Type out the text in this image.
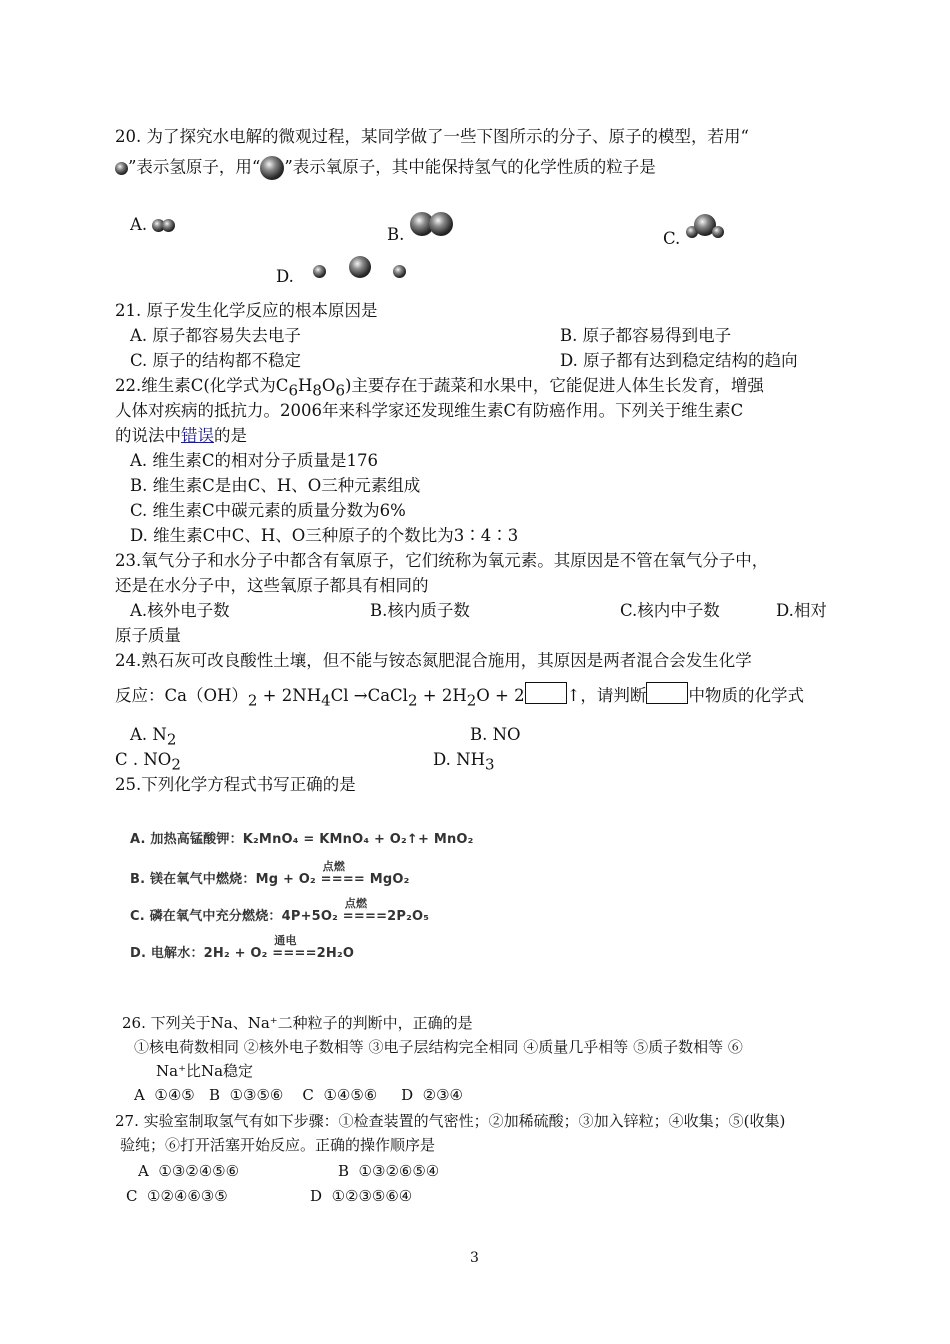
20. 为了探究水电解的微观过程，某同学做了一些下图所示的分子、原子的模型，若用“
”表示氢原子，用“ ”表示氧原子，其中能保持氢气的化学性质的粒子是
A.
B.	C.
D.
21. 原子发生化学反应的根本原因是
A. 原子都容易失去电子	B. 原子都容易得到电子
C. 原子的结构都不稳定	D. 原子都有达到稳定结构的趋向
22.维生素C(化学式为$C_6H_8O_6$)主要存在于蔬菜和水果中，它能促进人体生长发育，增强
人体对疾病的抵抗力。2006年来科学家还发现维生素C有防癌作用。下列关于维生素C
的说法中错误的是
A. 维生素C的相对分子质量是176
B. 维生素C是由C、H、O三种元素组成
C. 维生素C中碳元素的质量分数为6%
D. 维生素C中C、H、O三种原子的个数比为3∶4∶3
23.氧气分子和水分子中都含有氧原子，它们统称为氧元素。其原因是不管在氧气分子中，
还是在水分子中，这些氧原子都具有相同的
A.核外电子数	B.核内质子数	C.核内中子数	D.相对
原子质量
24.熟石灰可改良酸性土壤，但不能与铵态氮肥混合施用，其原因是两者混合会发生化学
反应：$Ca(OH)_2 + 2NH_4Cl$ →CaCl$_2$ + $2H_2O + 2$	↑，请判断	中物质的化学式
A. $N_2$	B. NO
C . $NO_2$	D. $NH_3$
25.下列化学方程式书写正确的是
A. 加热高锰酸钾：K₂MnO₄ = KMnO₄ + O₂↑+ MnO₂
B. 镁在氧气中燃烧：Mg + O₂
点燃
==== MgO₂
C. 磷在氧气中充分燃烧：4P+5O₂
点燃
====2P₂O₅
D. 电解水：2H₂ + O₂
通电
====2H₂O
26. 下列关于Na、Na⁺二种粒子的判断中，正确的是
①核电荷数相同 ②核外电子数相等 ③电子层结构完全相同 ④质量几乎相等 ⑤质子数相等 ⑥
Na⁺比Na稳定
A  ①④⑤   B  ①③⑤⑥    C  ①④⑤⑥     D  ②③④
27. 实验室制取氢气有如下步骤：①检查装置的气密性；②加稀硫酸；③加入锌粒；④收集；⑤(收集)
验纯；⑥打开活塞开始反应。正确的操作顺序是
A  ①③②④⑤⑥	B  ①③②⑥⑤④
C  ①②④⑥③⑤	D  ①②③⑤⑥④
3
